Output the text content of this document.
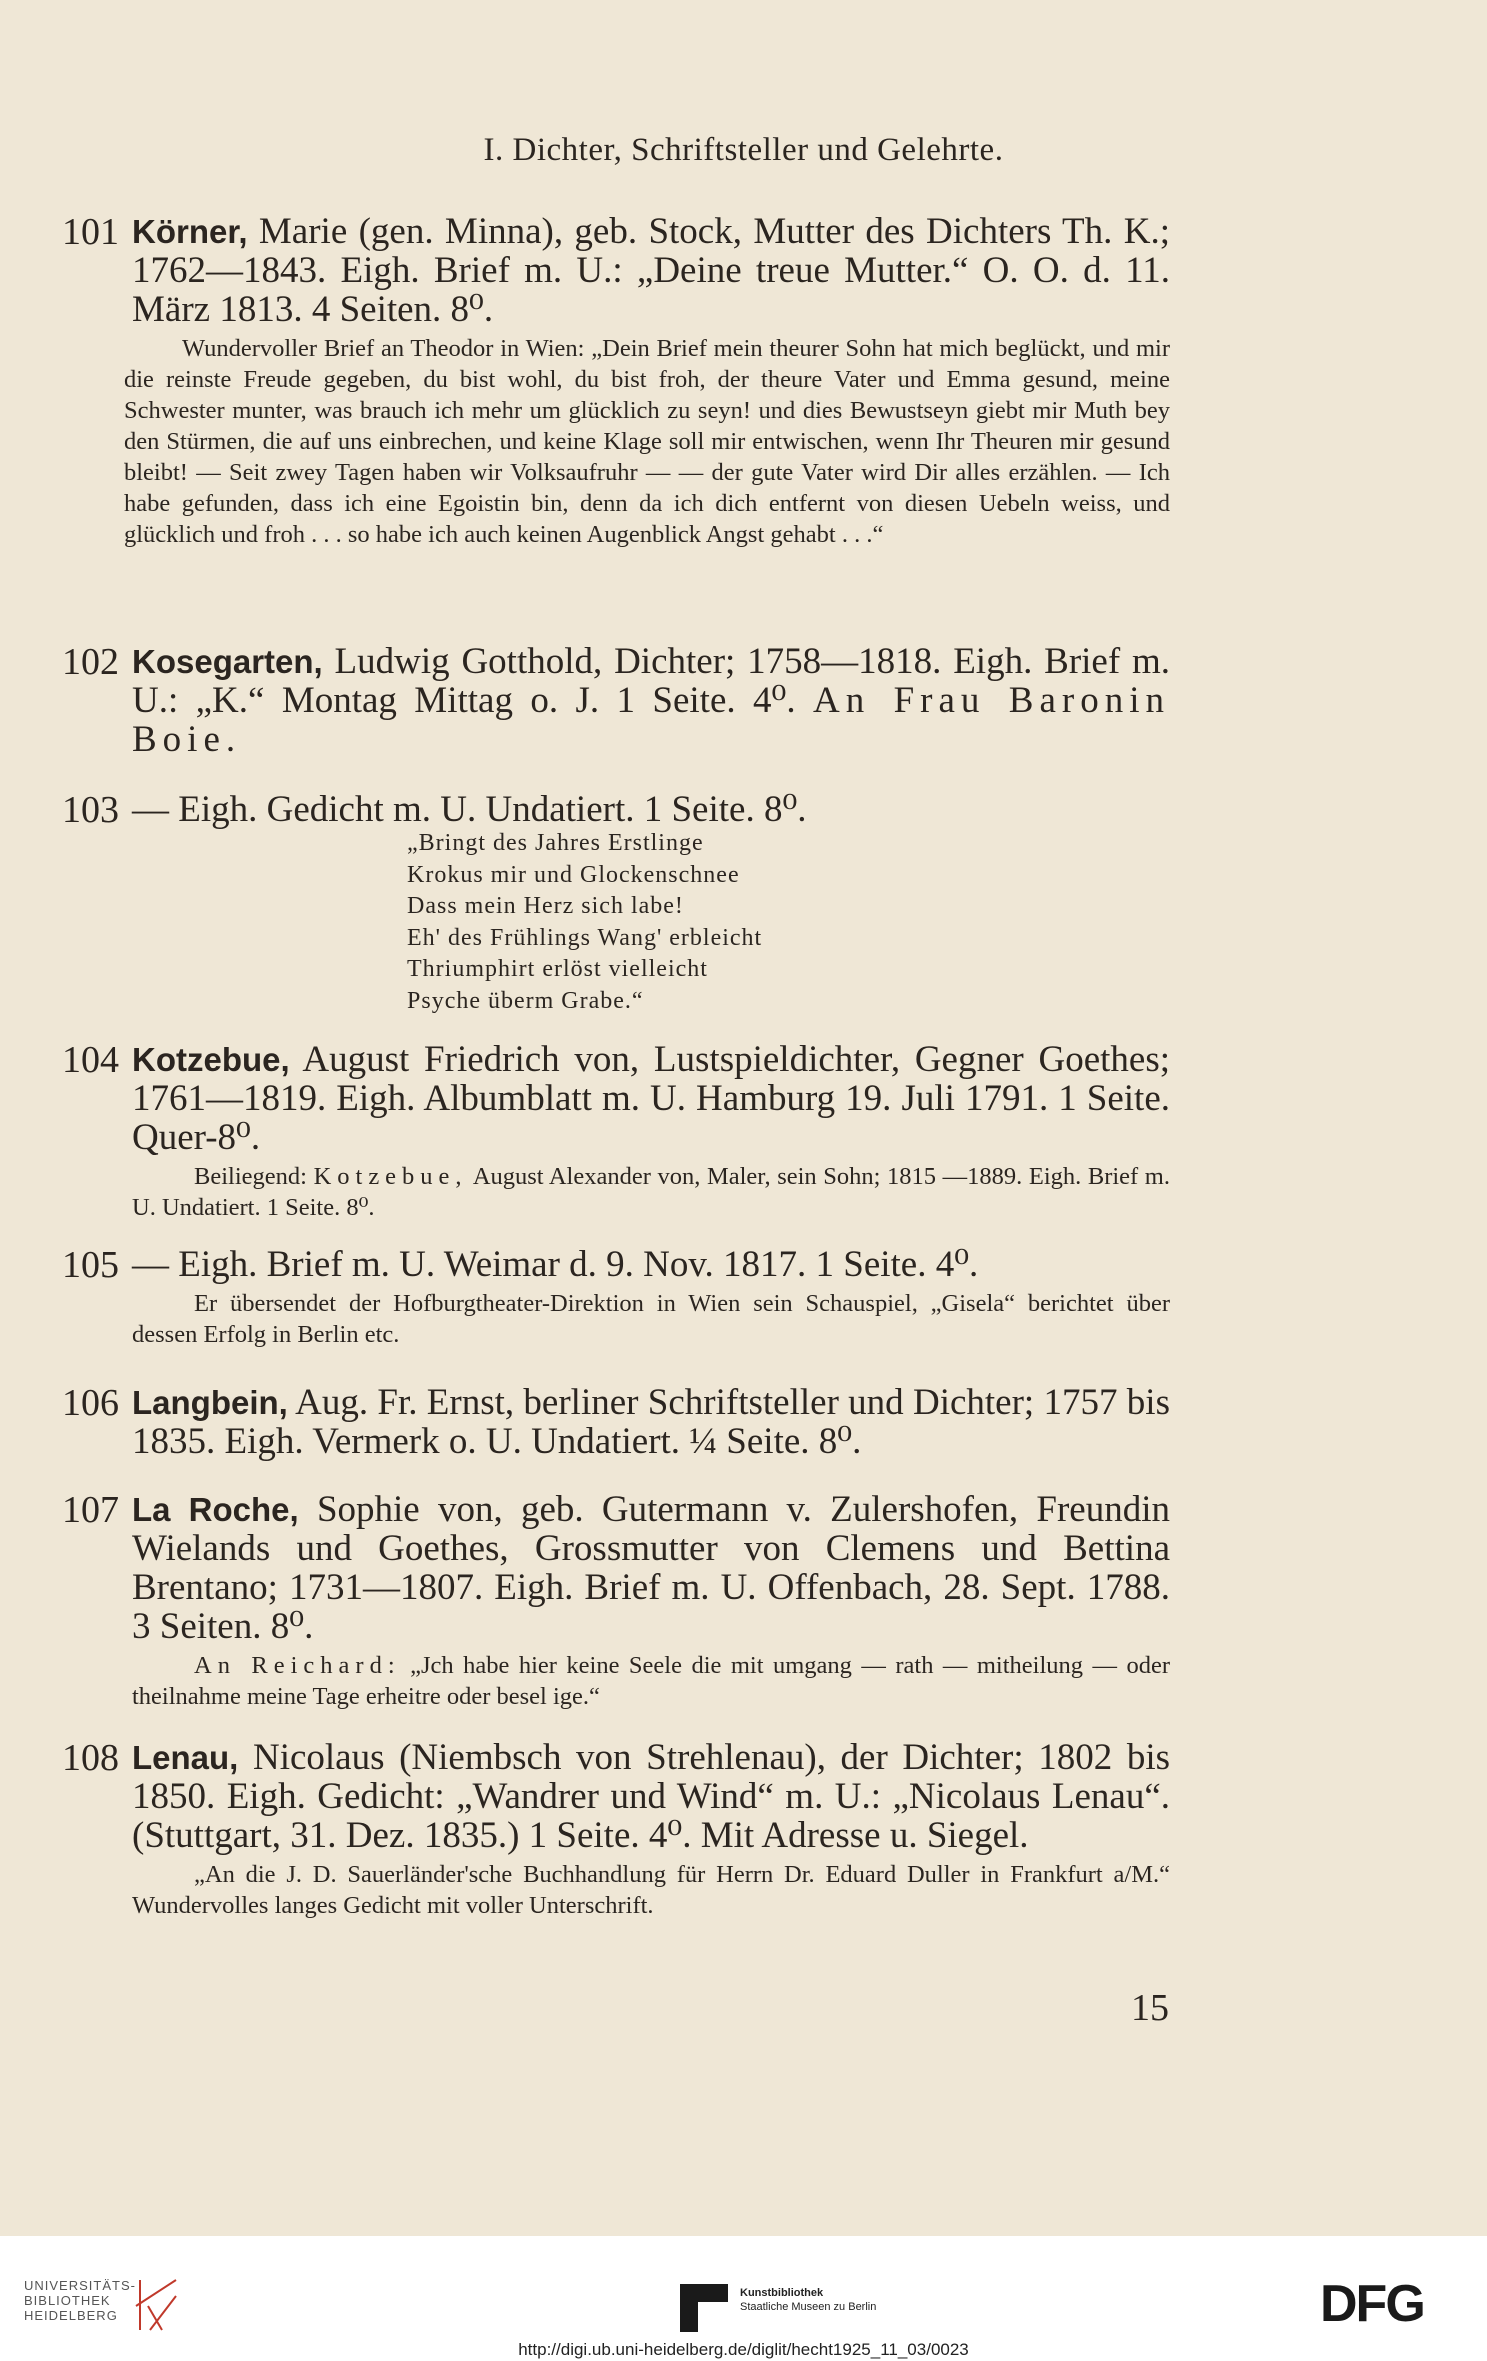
I. Dichter, Schriftsteller und Gelehrte.
101 Körner, Marie (gen. Minna), geb. Stock, Mutter des Dichters Th. K.; 1762—1843. Eigh. Brief m. U.: „Deine treue Mutter.“ O. O. d. 11. März 1813. 4 Seiten. 8⁰.
Wundervoller Brief an Theodor in Wien: „Dein Brief mein theurer Sohn hat mich beglückt, und mir die reinste Freude gegeben, du bist wohl, du bist froh, der theure Vater und Emma gesund, meine Schwester munter, was brauch ich mehr um glücklich zu seyn! und dies Bewustseyn giebt mir Muth bey den Stürmen, die auf uns einbrechen, und keine Klage soll mir entwischen, wenn Ihr Theuren mir gesund bleibt! — Seit zwey Tagen haben wir Volksaufruhr — — der gute Vater wird Dir alles erzählen. — Ich habe gefunden, dass ich eine Egoistin bin, denn da ich dich entfernt von diesen Uebeln weiss, und glücklich und froh . . . so habe ich auch keinen Augenblick Angst gehabt . . .“
102 Kosegarten, Ludwig Gotthold, Dichter; 1758—1818. Eigh. Brief m. U.: „K.“ Montag Mittag o. J. 1 Seite. 4⁰. An Frau Baronin Boie.
103 — Eigh. Gedicht m. U. Undatiert. 1 Seite. 8⁰.
„Bringt des Jahres Erstlinge
Krokus mir und Glockenschnee
Dass mein Herz sich labe!
Eh' des Frühlings Wang' erbleicht
Thriumphirt erlöst vielleicht
Psyche überm Grabe.“
104 Kotzebue, August Friedrich von, Lustspieldichter, Gegner Goethes; 1761—1819. Eigh. Albumblatt m. U. Hamburg 19. Juli 1791. 1 Seite. Quer-8⁰.
Beiliegend: Kotzebue, August Alexander von, Maler, sein Sohn; 1815 —1889. Eigh. Brief m. U. Undatiert. 1 Seite. 8⁰.
105 — Eigh. Brief m. U. Weimar d. 9. Nov. 1817. 1 Seite. 4⁰.
Er übersendet der Hofburgtheater-Direktion in Wien sein Schauspiel, „Gisela“ berichtet über dessen Erfolg in Berlin etc.
106 Langbein, Aug. Fr. Ernst, berliner Schriftsteller und Dichter; 1757 bis 1835. Eigh. Vermerk o. U. Undatiert. ¼ Seite. 8⁰.
107 La Roche, Sophie von, geb. Gutermann v. Zulershofen, Freundin Wielands und Goethes, Grossmutter von Clemens und Bettina Brentano; 1731—1807. Eigh. Brief m. U. Offenbach, 28. Sept. 1788. 3 Seiten. 8⁰.
An Reichard: „Jch habe hier keine Seele die mit umgang — rath — mitheilung — oder theilnahme meine Tage erheitre oder besel ige.“
108 Lenau, Nicolaus (Niembsch von Strehlenau), der Dichter; 1802 bis 1850. Eigh. Gedicht: „Wandrer und Wind“ m. U.: „Nicolaus Lenau“. (Stuttgart, 31. Dez. 1835.) 1 Seite. 4⁰. Mit Adresse u. Siegel.
„An die J. D. Sauerländer'sche Buchhandlung für Herrn Dr. Eduard Duller in Frankfurt a/M.“ Wundervolles langes Gedicht mit voller Unterschrift.
15
UNIVERSITÄTS-
BIBLIOTHEK
HEIDELBERG
Kunstbibliothek
Staatliche Museen zu Berlin	DFG
http://digi.ub.uni-heidelberg.de/diglit/hecht1925_11_03/0023
